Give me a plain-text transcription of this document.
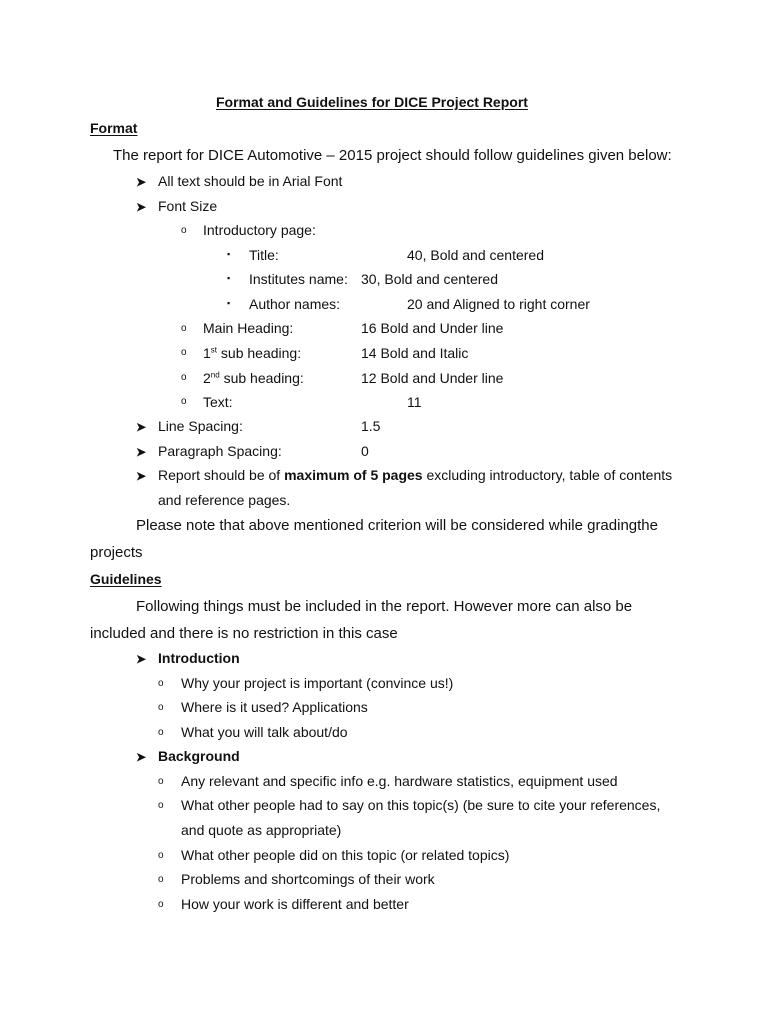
Format and Guidelines for DICE Project Report
Format
The report for DICE Automotive – 2015 project should follow guidelines given below:
➤ All text should be in Arial Font
➤ Font Size
o Introductory page:
▪ Title:	40, Bold and centered
▪ Institutes name: 30, Bold and centered
▪ Author names:	20 and Aligned to right corner
o Main Heading:	16 Bold and Under line
o 1st sub heading:	14 Bold and Italic
o 2nd sub heading:	12 Bold and Under line
o Text:	11
➤ Line Spacing:	1.5
➤ Paragraph Spacing:	0
➤ Report should be of maximum of 5 pages excluding introductory, table of contents
and reference pages.
Please note that above mentioned criterion will be considered while gradingthe
projects
Guidelines
Following things must be included in the report. However more can also be
included and there is no restriction in this case
➤ Introduction
o Why your project is important (convince us!)
o Where is it used? Applications
o What you will talk about/do
➤ Background
o Any relevant and specific info e.g. hardware statistics, equipment used
o What other people had to say on this topic(s) (be sure to cite your references,
and quote as appropriate)
o What other people did on this topic (or related topics)
o Problems and shortcomings of their work
o How your work is different and better
